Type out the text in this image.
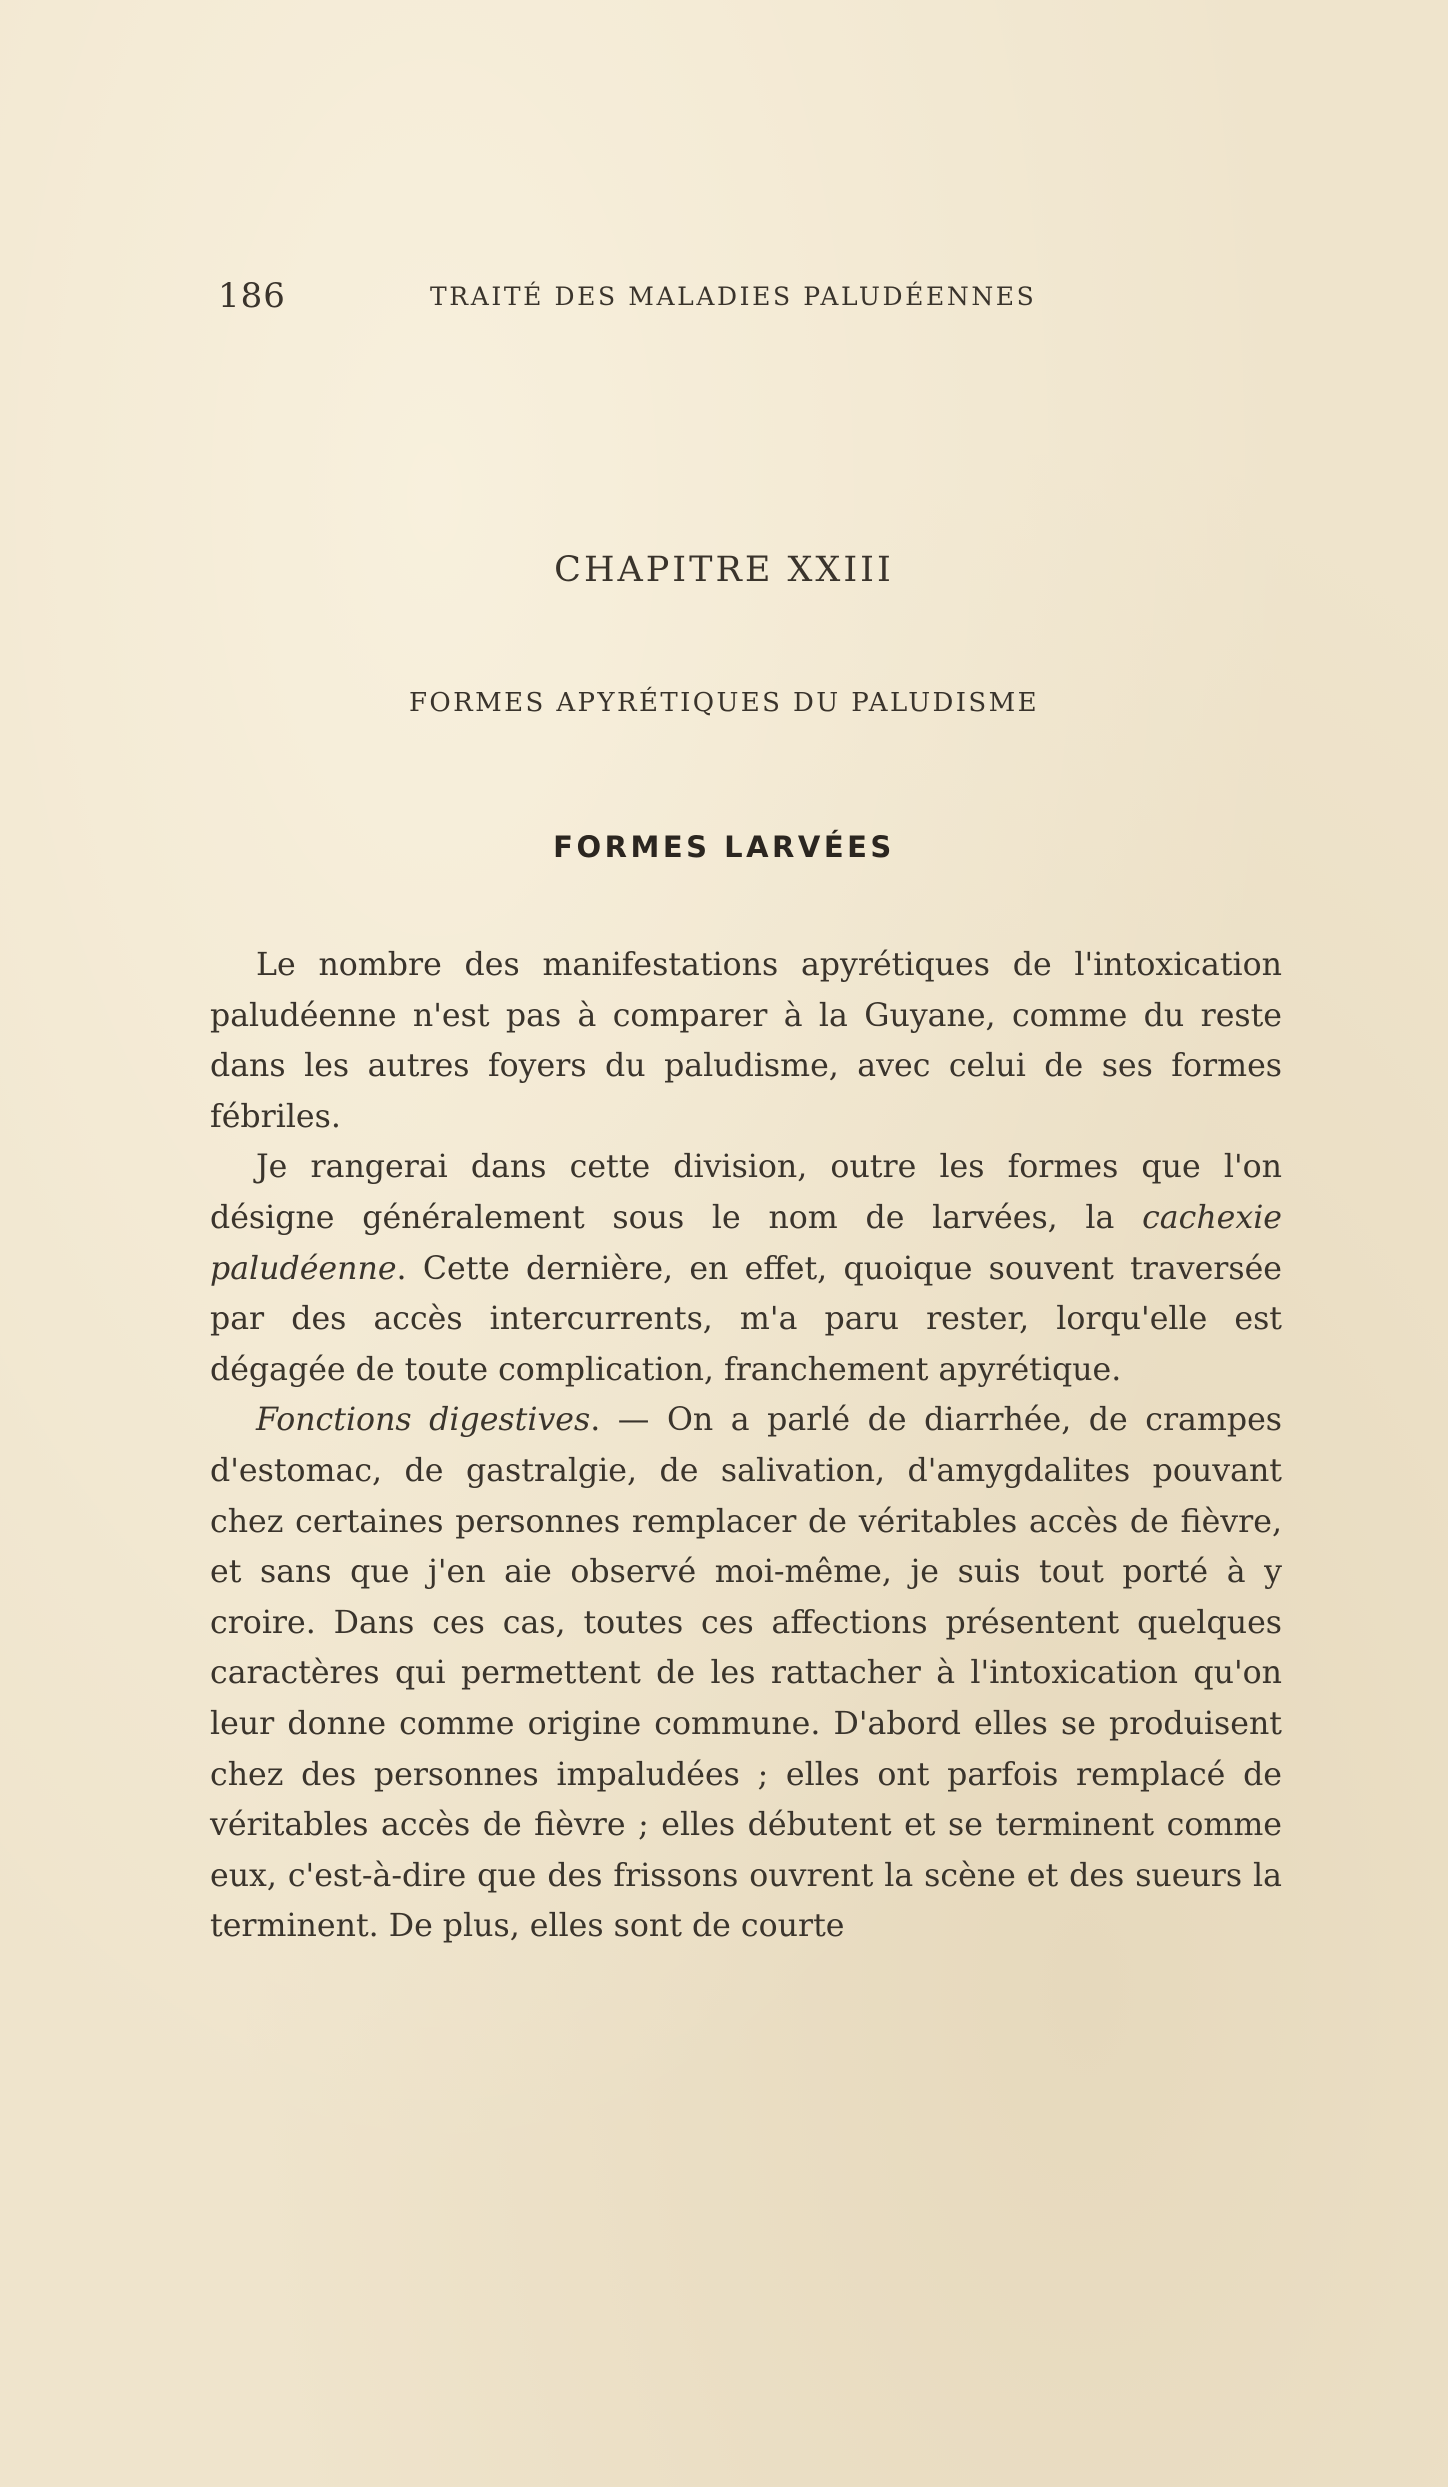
186	TRAITÉ DES MALADIES PALUDÉENNES
CHAPITRE XXIII
FORMES APYRÉTIQUES DU PALUDISME
FORMES LARVÉES

Le nombre des manifestations apyrétiques de l'intoxication paludéenne n'est pas à comparer à la Guyane, comme du reste dans les autres foyers du paludisme, avec celui de ses formes fébriles.

Je rangerai dans cette division, outre les formes que l'on désigne généralement sous le nom de larvées, la cachexie paludéenne. Cette dernière, en effet, quoique souvent traversée par des accès intercurrents, m'a paru rester, lorqu'elle est dégagée de toute complication, franchement apyrétique.

Fonctions digestives. — On a parlé de diarrhée, de crampes d'estomac, de gastralgie, de salivation, d'amygdalites pouvant chez certaines personnes remplacer de véritables accès de fièvre, et sans que j'en aie observé moi-même, je suis tout porté à y croire. Dans ces cas, toutes ces affections présentent quelques caractères qui permettent de les rattacher à l'intoxication qu'on leur donne comme origine commune. D'abord elles se produisent chez des personnes impaludées ; elles ont parfois remplacé de véritables accès de fièvre ; elles débutent et se terminent comme eux, c'est-à-dire que des frissons ouvrent la scène et des sueurs la terminent. De plus, elles sont de courte
